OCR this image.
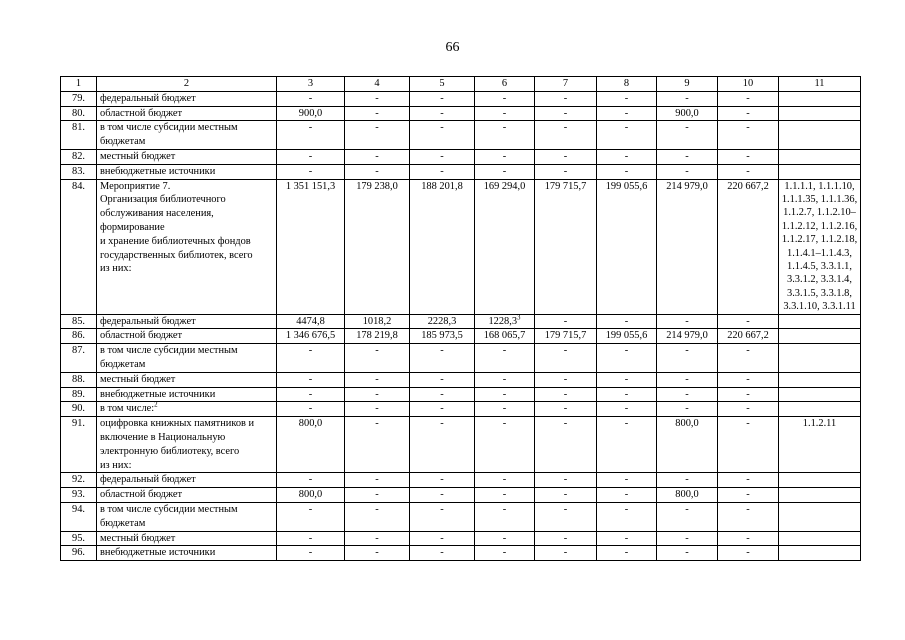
66
1	2	3	4	5	6	7	8	9	10	11
79.	федеральный бюджет	-	-	-	-	-	-	-	-	
80.	областной бюджет	900,0	-	-	-	-	-	900,0	-	
81.	в том числе субсидии местным бюджетам	-	-	-	-	-	-	-	-	
82.	местный бюджет	-	-	-	-	-	-	-	-	
83.	внебюджетные источники	-	-	-	-	-	-	-	-	
84.	Мероприятие 7.
Организация библиотечного обслуживания населения, формирование
и хранение библиотечных фондов государственных библиотек, всего
из них:	1 351 151,3	179 238,0	188 201,8	169 294,0	179 715,7	199 055,6	214 979,0	220 667,2	1.1.1.1, 1.1.1.10, 1.1.1.35, 1.1.1.36, 1.1.2.7, 1.1.2.10–1.1.2.12, 1.1.2.16, 1.1.2.17, 1.1.2.18, 1.1.4.1–1.1.4.3, 1.1.4.5, 3.3.1.1, 3.3.1.2, 3.3.1.4, 3.3.1.5, 3.3.1.8, 3.3.1.10, 3.3.1.11
85.	федеральный бюджет	4474,8	1018,2	2228,3	1228,3$^3$	-	-	-	-	
86.	областной бюджет	1 346 676,5	178 219,8	185 973,5	168 065,7	179 715,7	199 055,6	214 979,0	220 667,2	
87.	в том числе субсидии местным бюджетам	-	-	-	-	-	-	-	-	
88.	местный бюджет	-	-	-	-	-	-	-	-	
89.	внебюджетные источники	-	-	-	-	-	-	-	-	
90.	в том числе:$^2$	-	-	-	-	-	-	-	-	
91.	оцифровка книжных памятников и включение в Национальную электронную библиотеку, всего
из них:	800,0	-	-	-	-	-	800,0	-	1.1.2.11
92.	федеральный бюджет	-	-	-	-	-	-	-	-	
93.	областной бюджет	800,0	-	-	-	-	-	800,0	-	
94.	в том числе субсидии местным бюджетам	-	-	-	-	-	-	-	-	
95.	местный бюджет	-	-	-	-	-	-	-	-	
96.	внебюджетные источники	-	-	-	-	-	-	-	-	
